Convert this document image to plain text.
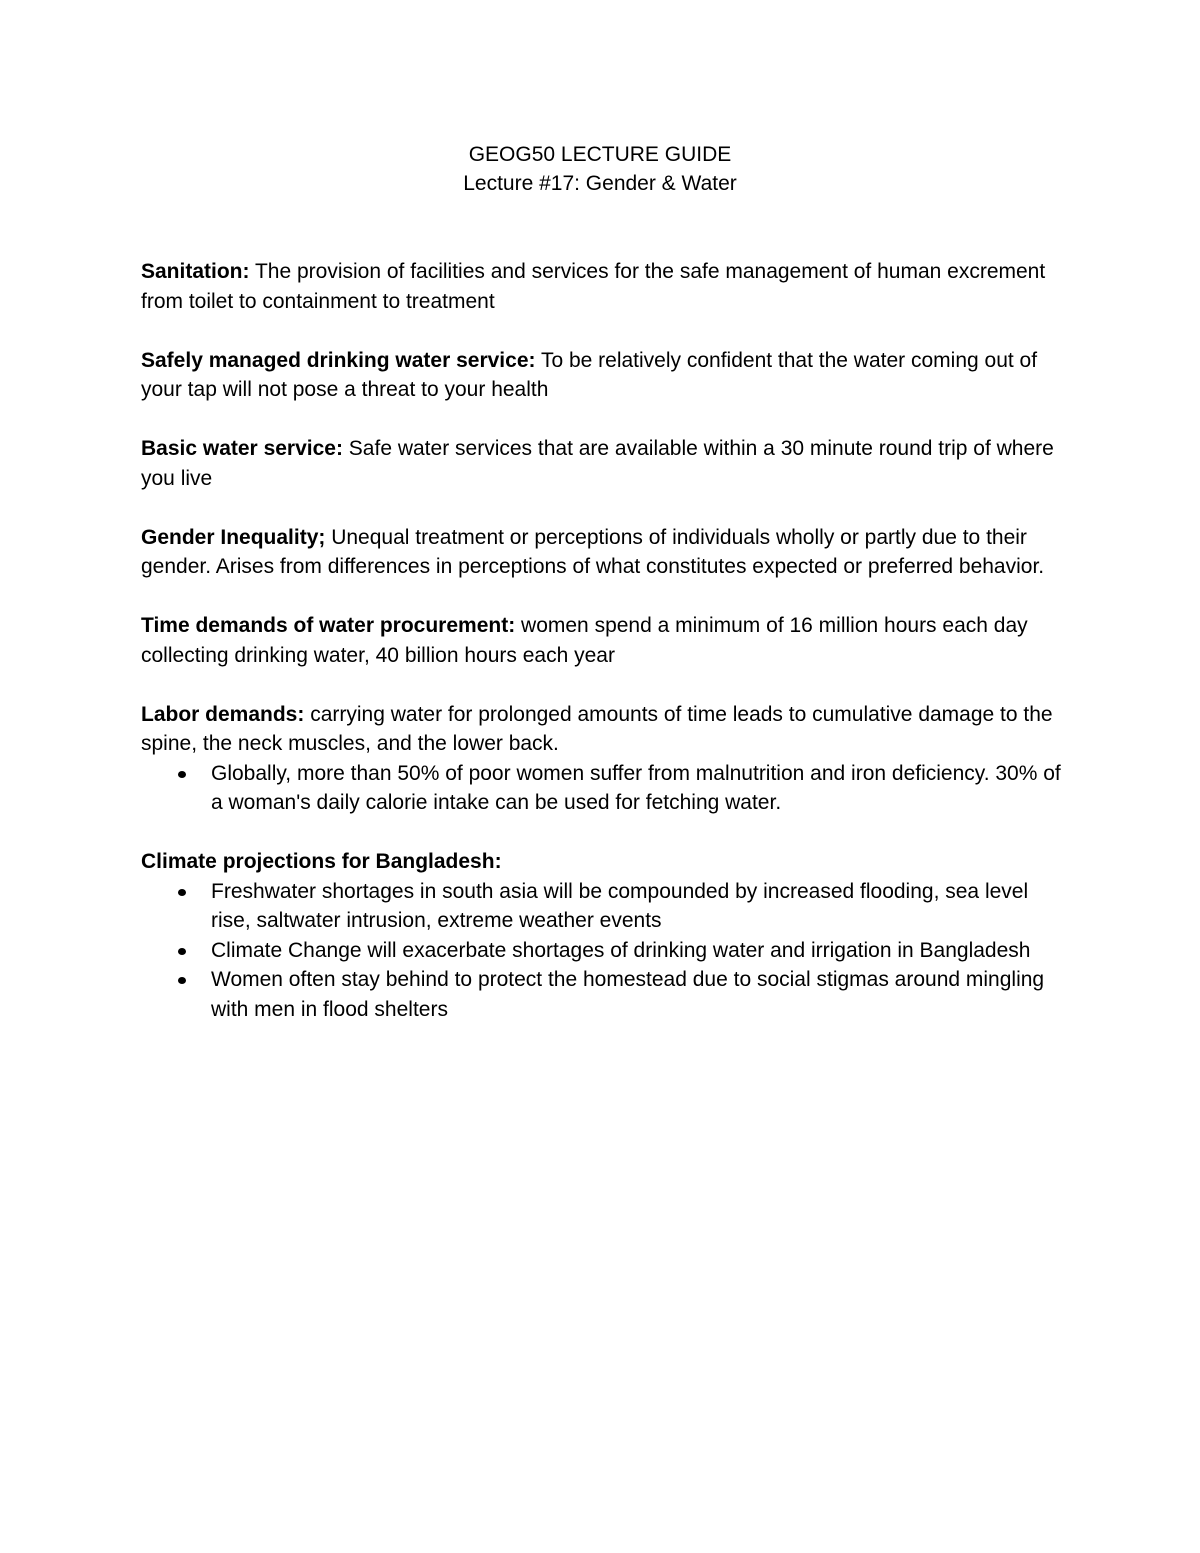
GEOG50 LECTURE GUIDE

Lecture #17: Gender & Water

Sanitation: The provision of facilities and services for the safe management of human excrement from toilet to containment to treatment

Safely managed drinking water service: To be relatively confident that the water coming out of your tap will not pose a threat to your health

Basic water service: Safe water services that are available within a 30 minute round trip of where you live

Gender Inequality; Unequal treatment or perceptions of individuals wholly or partly due to their gender. Arises from differences in perceptions of what constitutes expected or preferred behavior.

Time demands of water procurement: women spend a minimum of 16 million hours each day collecting drinking water, 40 billion hours each year

Labor demands: carrying water for prolonged amounts of time leads to cumulative damage to the spine, the neck muscles, and the lower back.

Globally, more than 50% of poor women suffer from malnutrition and iron deficiency. 30% of a woman's daily calorie intake can be used for fetching water.

Climate projections for Bangladesh:

Freshwater shortages in south asia will be compounded by increased flooding, sea level rise, saltwater intrusion, extreme weather events
Climate Change will exacerbate shortages of drinking water and irrigation in Bangladesh
Women often stay behind to protect the homestead due to social stigmas around mingling with men in flood shelters
